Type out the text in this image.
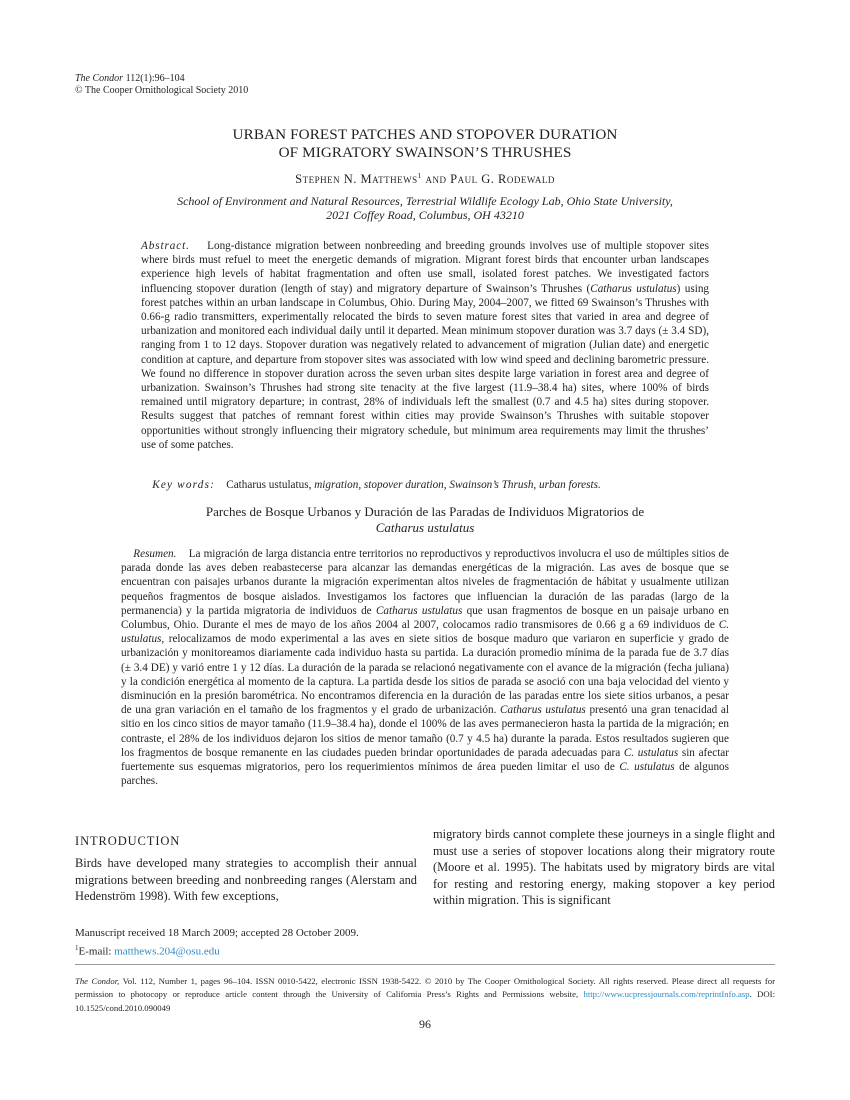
The Condor 112(1):96–104
© The Cooper Ornithological Society 2010
URBAN FOREST PATCHES AND STOPOVER DURATION
OF MIGRATORY SWAINSON’S THRUSHES
Stephen N. Matthews$^1$ and Paul G. Rodewald
School of Environment and Natural Resources, Terrestrial Wildlife Ecology Lab, Ohio State University,
2021 Coffey Road, Columbus, OH 43210
Abstract. Long-distance migration between nonbreeding and breeding grounds involves use of multiple stopover sites where birds must refuel to meet the energetic demands of migration. Migrant forest birds that encounter urban landscapes experience high levels of habitat fragmentation and often use small, isolated forest patches. We investigated factors influencing stopover duration (length of stay) and migratory departure of Swainson’s Thrushes (Catharus ustulatus) using forest patches within an urban landscape in Columbus, Ohio. During May, 2004–2007, we fitted 69 Swainson’s Thrushes with 0.66-g radio transmitters, experimentally relocated the birds to seven mature forest sites that varied in area and degree of urbanization and monitored each individual daily until it departed. Mean minimum stopover duration was 3.7 days (± 3.4 SD), ranging from 1 to 12 days. Stopover duration was negatively related to advancement of migration (Julian date) and energetic condition at capture, and departure from stopover sites was associated with low wind speed and declining barometric pressure. We found no difference in stopover duration across the seven urban sites despite large variation in forest area and degree of urbanization. Swainson’s Thrushes had strong site tenacity at the five largest (11.9–38.4 ha) sites, where 100% of birds remained until migratory departure; in contrast, 28% of individuals left the smallest (0.7 and 4.5 ha) sites during stopover. Results suggest that patches of remnant forest within cities may provide Swainson’s Thrushes with suitable stopover opportunities without strongly influencing their migratory schedule, but minimum area requirements may limit the thrushes’ use of some patches.
Key words: Catharus ustulatus, migration, stopover duration, Swainson’s Thrush, urban forests.
Parches de Bosque Urbanos y Duración de las Paradas de Individuos Migratorios de
Catharus ustulatus
Resumen. La migración de larga distancia entre territorios no reproductivos y reproductivos involucra el uso de múltiples sitios de parada donde las aves deben reabastecerse para alcanzar las demandas energéticas de la migración. Las aves de bosque que se encuentran con paisajes urbanos durante la migración experimentan altos niveles de fragmentación de hábitat y usualmente utilizan pequeños fragmentos de bosque aislados. Investigamos los factores que influencian la duración de las paradas (largo de la permanencia) y la partida migratoria de individuos de Catharus ustulatus que usan fragmentos de bosque en un paisaje urbano en Columbus, Ohio. Durante el mes de mayo de los años 2004 al 2007, colocamos radio transmisores de 0.66 g a 69 individuos de C. ustulatus, relocalizamos de modo experimental a las aves en siete sitios de bosque maduro que variaron en superficie y grado de urbanización y monitoreamos diariamente cada individuo hasta su partida. La duración promedio mínima de la parada fue de 3.7 días (± 3.4 DE) y varió entre 1 y 12 días. La duración de la parada se relacionó negativamente con el avance de la migración (fecha juliana) y la condición energética al momento de la captura. La partida desde los sitios de parada se asoció con una baja velocidad del viento y disminución en la presión barométrica. No encontramos diferencia en la duración de las paradas entre los siete sitios urbanos, a pesar de una gran variación en el tamaño de los fragmentos y el grado de urbanización. Catharus ustulatus presentó una gran tenacidad al sitio en los cinco sitios de mayor tamaño (11.9–38.4 ha), donde el 100% de las aves permanecieron hasta la partida de la migración; en contraste, el 28% de los individuos dejaron los sitios de menor tamaño (0.7 y 4.5 ha) durante la parada. Estos resultados sugieren que los fragmentos de bosque remanente en las ciudades pueden brindar oportunidades de parada adecuadas para C. ustulatus sin afectar fuertemente sus esquemas migratorios, pero los requerimientos mínimos de área pueden limitar el uso de C. ustulatus de algunos parches.
INTRODUCTION
Birds have developed many strategies to accomplish their annual migrations between breeding and nonbreeding ranges (Alerstam and Hedenström 1998). With few exceptions,
migratory birds cannot complete these journeys in a single flight and must use a series of stopover locations along their migratory route (Moore et al. 1995). The habitats used by migratory birds are vital for resting and restoring energy, making stopover a key period within migration. This is significant
Manuscript received 18 March 2009; accepted 28 October 2009.
$^1$E-mail: matthews.204@osu.edu
The Condor, Vol. 112, Number 1, pages 96–104. ISSN 0010-5422, electronic ISSN 1938-5422. © 2010 by The Cooper Ornithological Society. All rights reserved. Please direct all requests for permission to photocopy or reproduce article content through the University of California Press’s Rights and Permissions website, http://www.ucpressjournals.com/reprintInfo.asp. DOI: 10.1525/cond.2010.090049
96
